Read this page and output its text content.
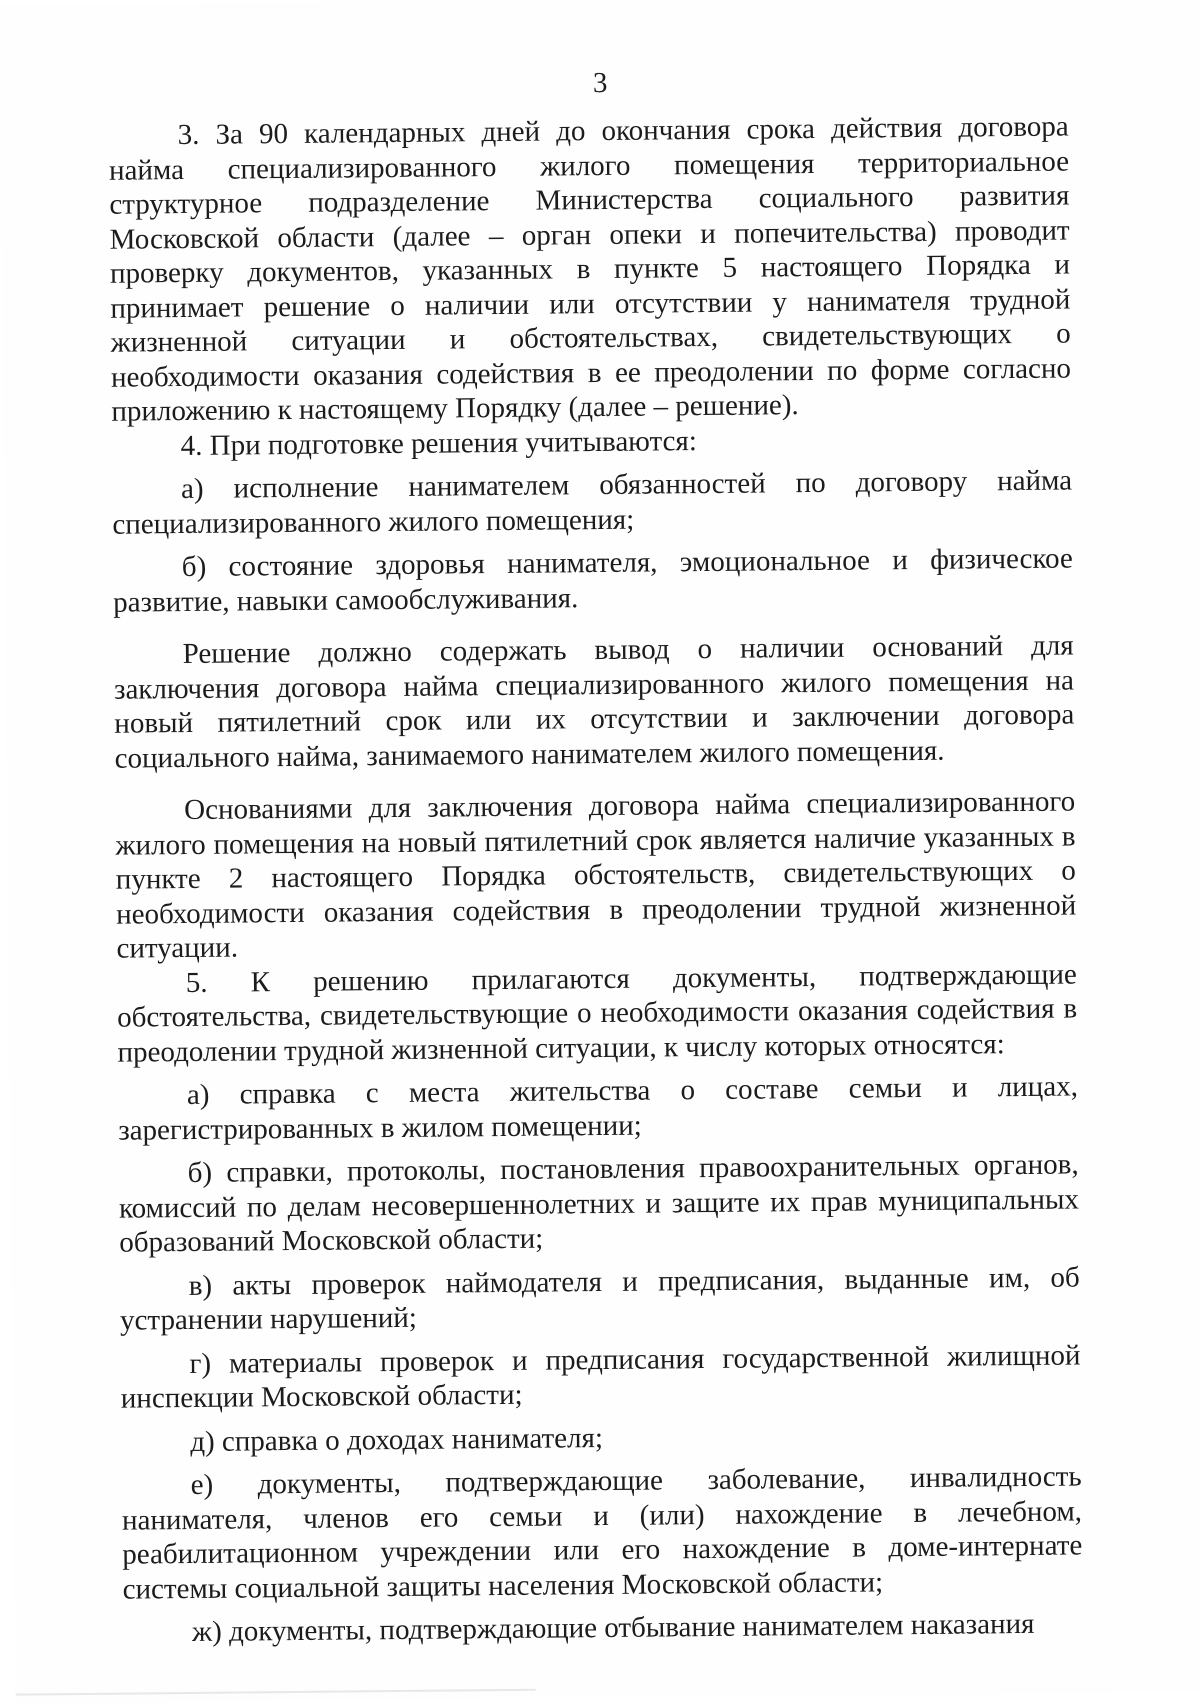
3

3. За 90 календарных дней до окончания срока действия договора найма специализированного жилого помещения территориальное структурное подразделение Министерства социального развития Московской области (далее – орган опеки и попечительства) проводит проверку документов, указанных в пункте 5 настоящего Порядка и принимает решение о наличии или отсутствии у нанимателя трудной жизненной ситуации и обстоятельствах, свидетельствующих о необходимости оказания содействия в ее преодолении по форме согласно приложению к настоящему Порядку (далее – решение).

4. При подготовке решения учитываются:

а) исполнение нанимателем обязанностей по договору найма специализированного жилого помещения;

б) состояние здоровья нанимателя, эмоциональное и физическое развитие, навыки самообслуживания.

Решение должно содержать вывод о наличии оснований для заключения договора найма специализированного жилого помещения на новый пятилетний срок или их отсутствии и заключении договора социального найма, занимаемого нанимателем жилого помещения.

Основаниями для заключения договора найма специализированного жилого помещения на новый пятилетний срок является наличие указанных в пункте 2 настоящего Порядка обстоятельств, свидетельствующих о необходимости оказания содействия в преодолении трудной жизненной ситуации.

5. К решению прилагаются документы, подтверждающие обстоятельства, свидетельствующие о необходимости оказания содействия в преодолении трудной жизненной ситуации, к числу которых относятся:

а) справка с места жительства о составе семьи и лицах, зарегистрированных в жилом помещении;

б) справки, протоколы, постановления правоохранительных органов, комиссий по делам несовершеннолетних и защите их прав муниципальных образований Московской области;

в) акты проверок наймодателя и предписания, выданные им, об устранении нарушений;

г) материалы проверок и предписания государственной жилищной инспекции Московской области;

д) справка о доходах нанимателя;

е) документы, подтверждающие заболевание, инвалидность нанимателя, членов его семьи и (или) нахождение в лечебном, реабилитационном учреждении или его нахождение в доме-интернате системы социальной защиты населения Московской области;

ж) документы, подтверждающие отбывание нанимателем наказания
